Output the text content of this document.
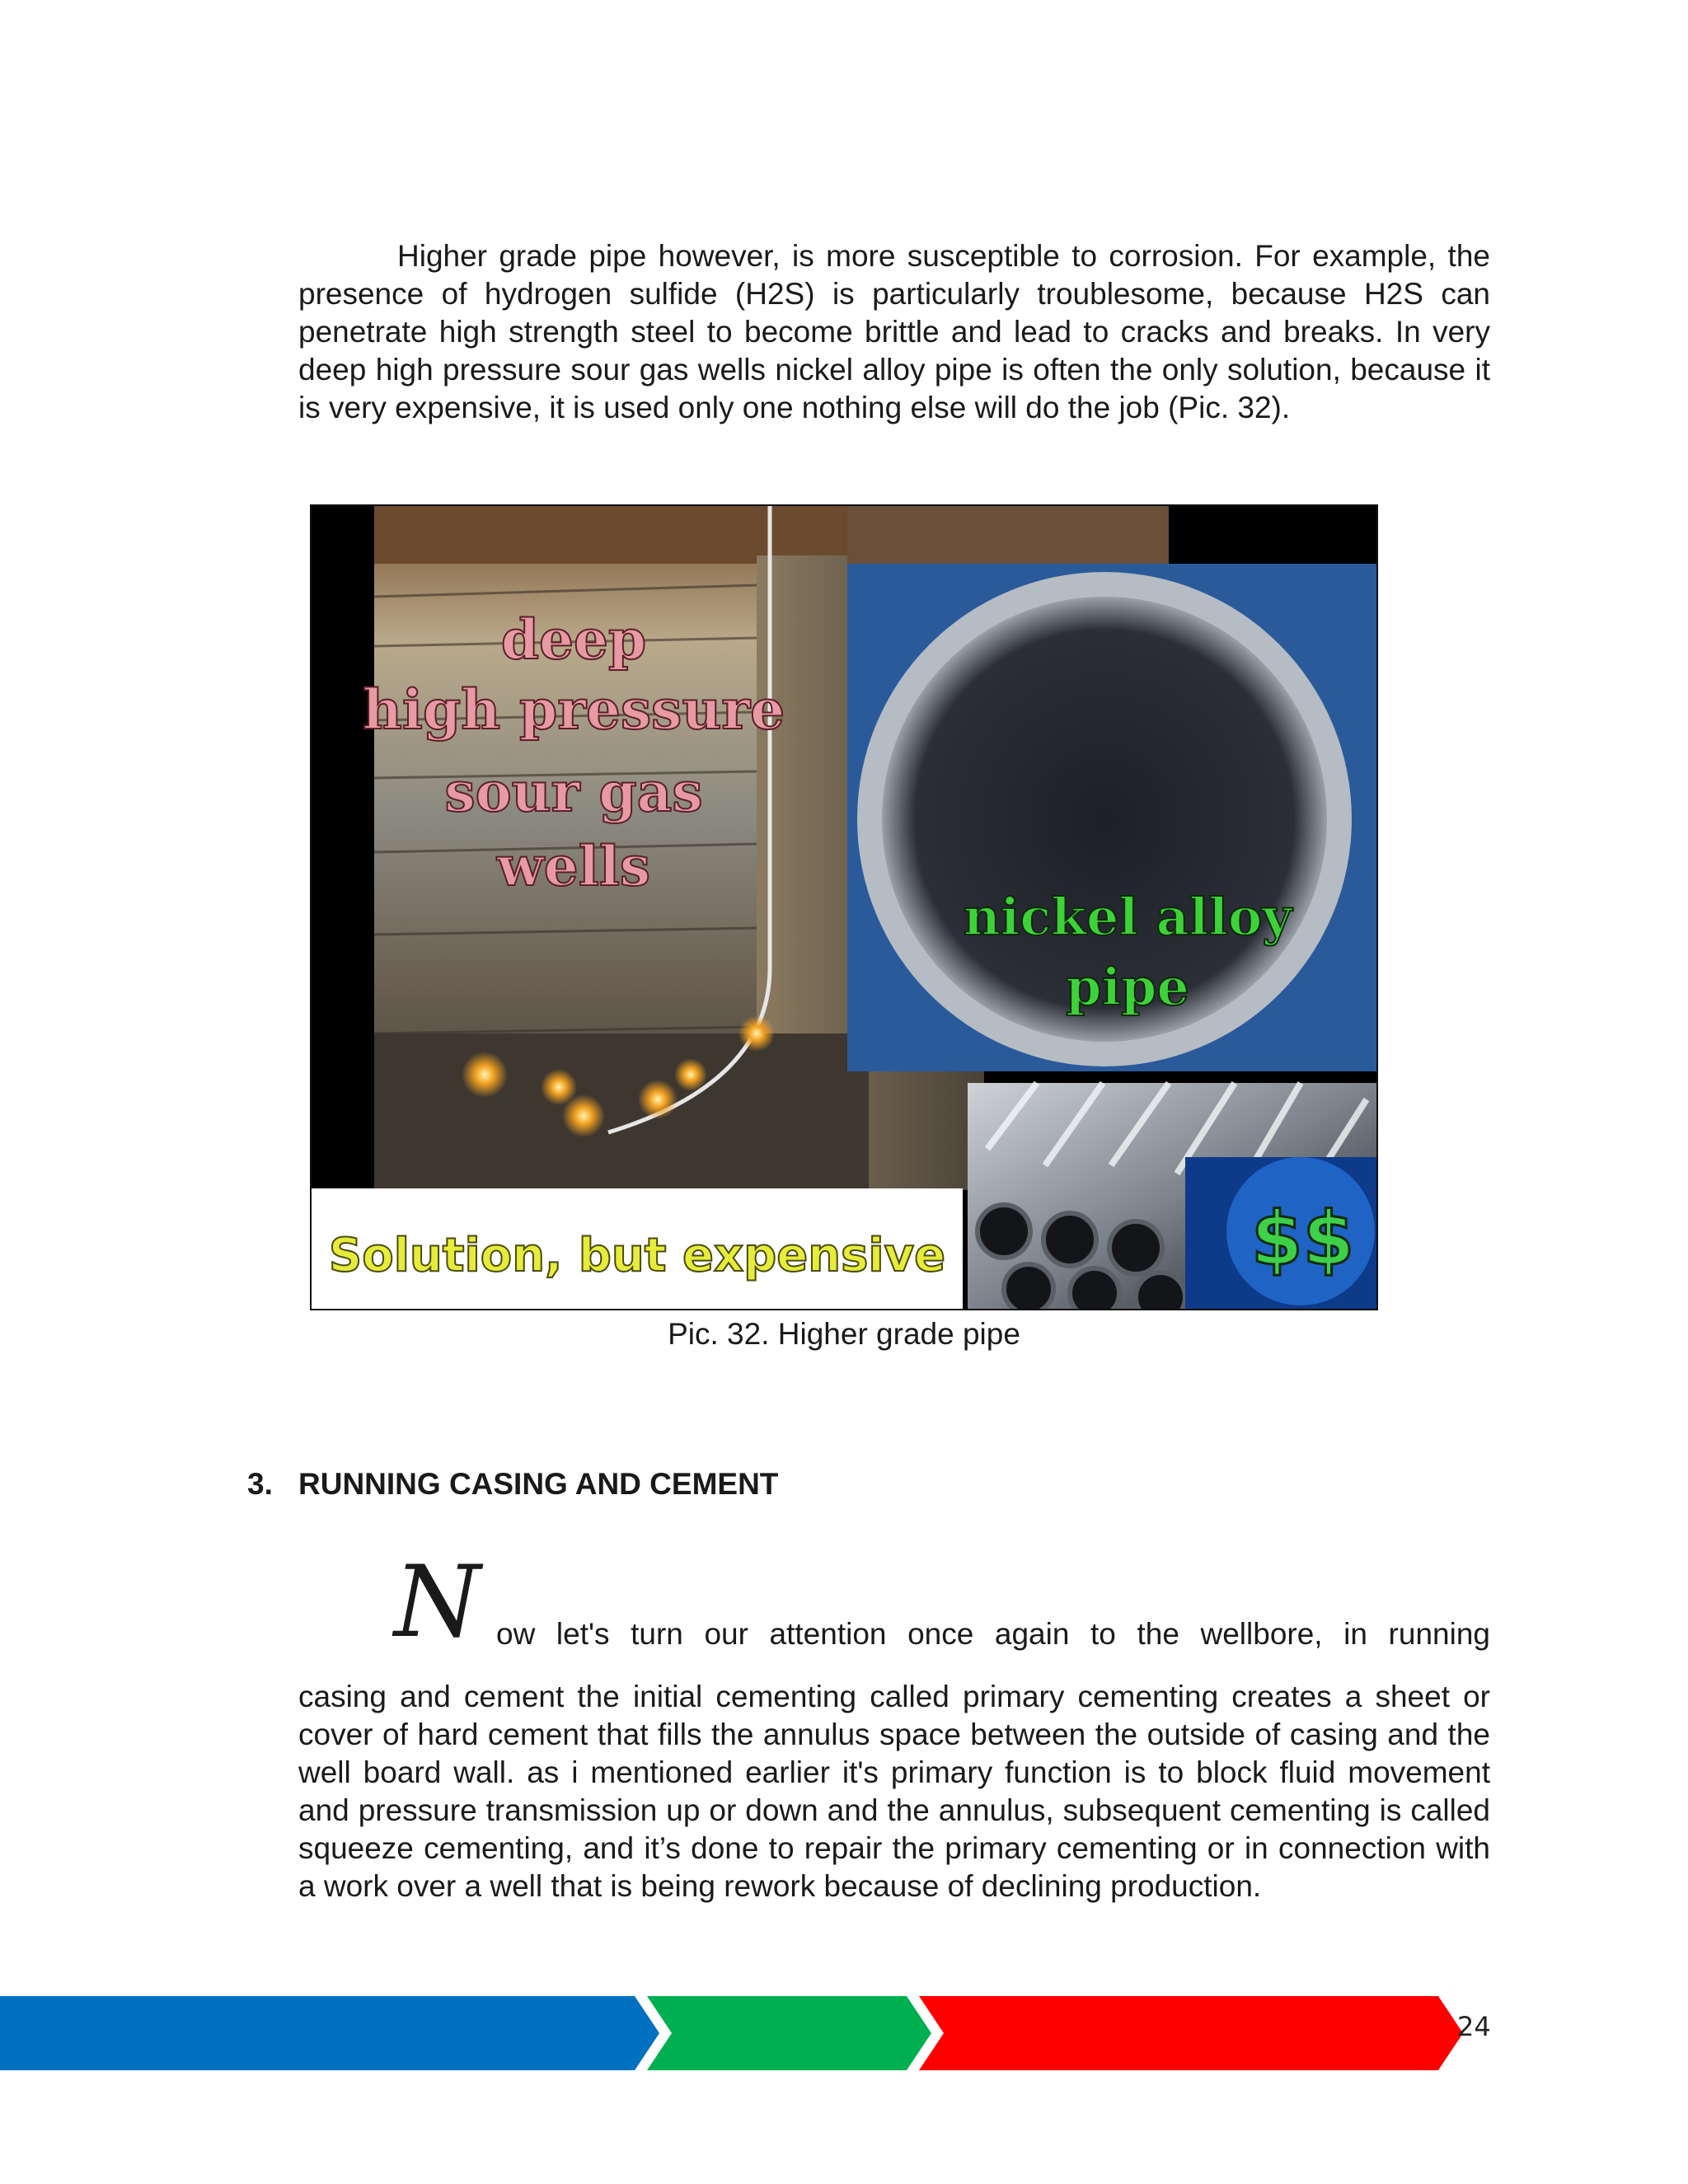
Higher grade pipe however, is more susceptible to corrosion. For example, the presence of hydrogen sulfide (H2S) is particularly troublesome, because H2S can penetrate high strength steel to become brittle and lead to cracks and breaks. In very deep high pressure sour gas wells nickel alloy pipe is often the only solution, because it is very expensive, it is used only one nothing else will do the job (Pic. 32).

$$
Solution, but expensive
deep
high pressure
sour gas
wells
nickel alloy
pipe
Pic. 32. Higher grade pipe
3. RUNNING CASING AND CEMENT
N ow let's turn our attention once again to the wellbore, in running

casing and cement the initial cementing called primary cementing creates a sheet or cover of hard cement that fills the annulus space between the outside of casing and the well board wall. as i mentioned earlier it's primary function is to block fluid movement and pressure transmission up or down and the annulus, subsequent cementing is called squeeze cementing, and it’s done to repair the primary cementing or in connection with a work over a well that is being rework because of declining production.

24
